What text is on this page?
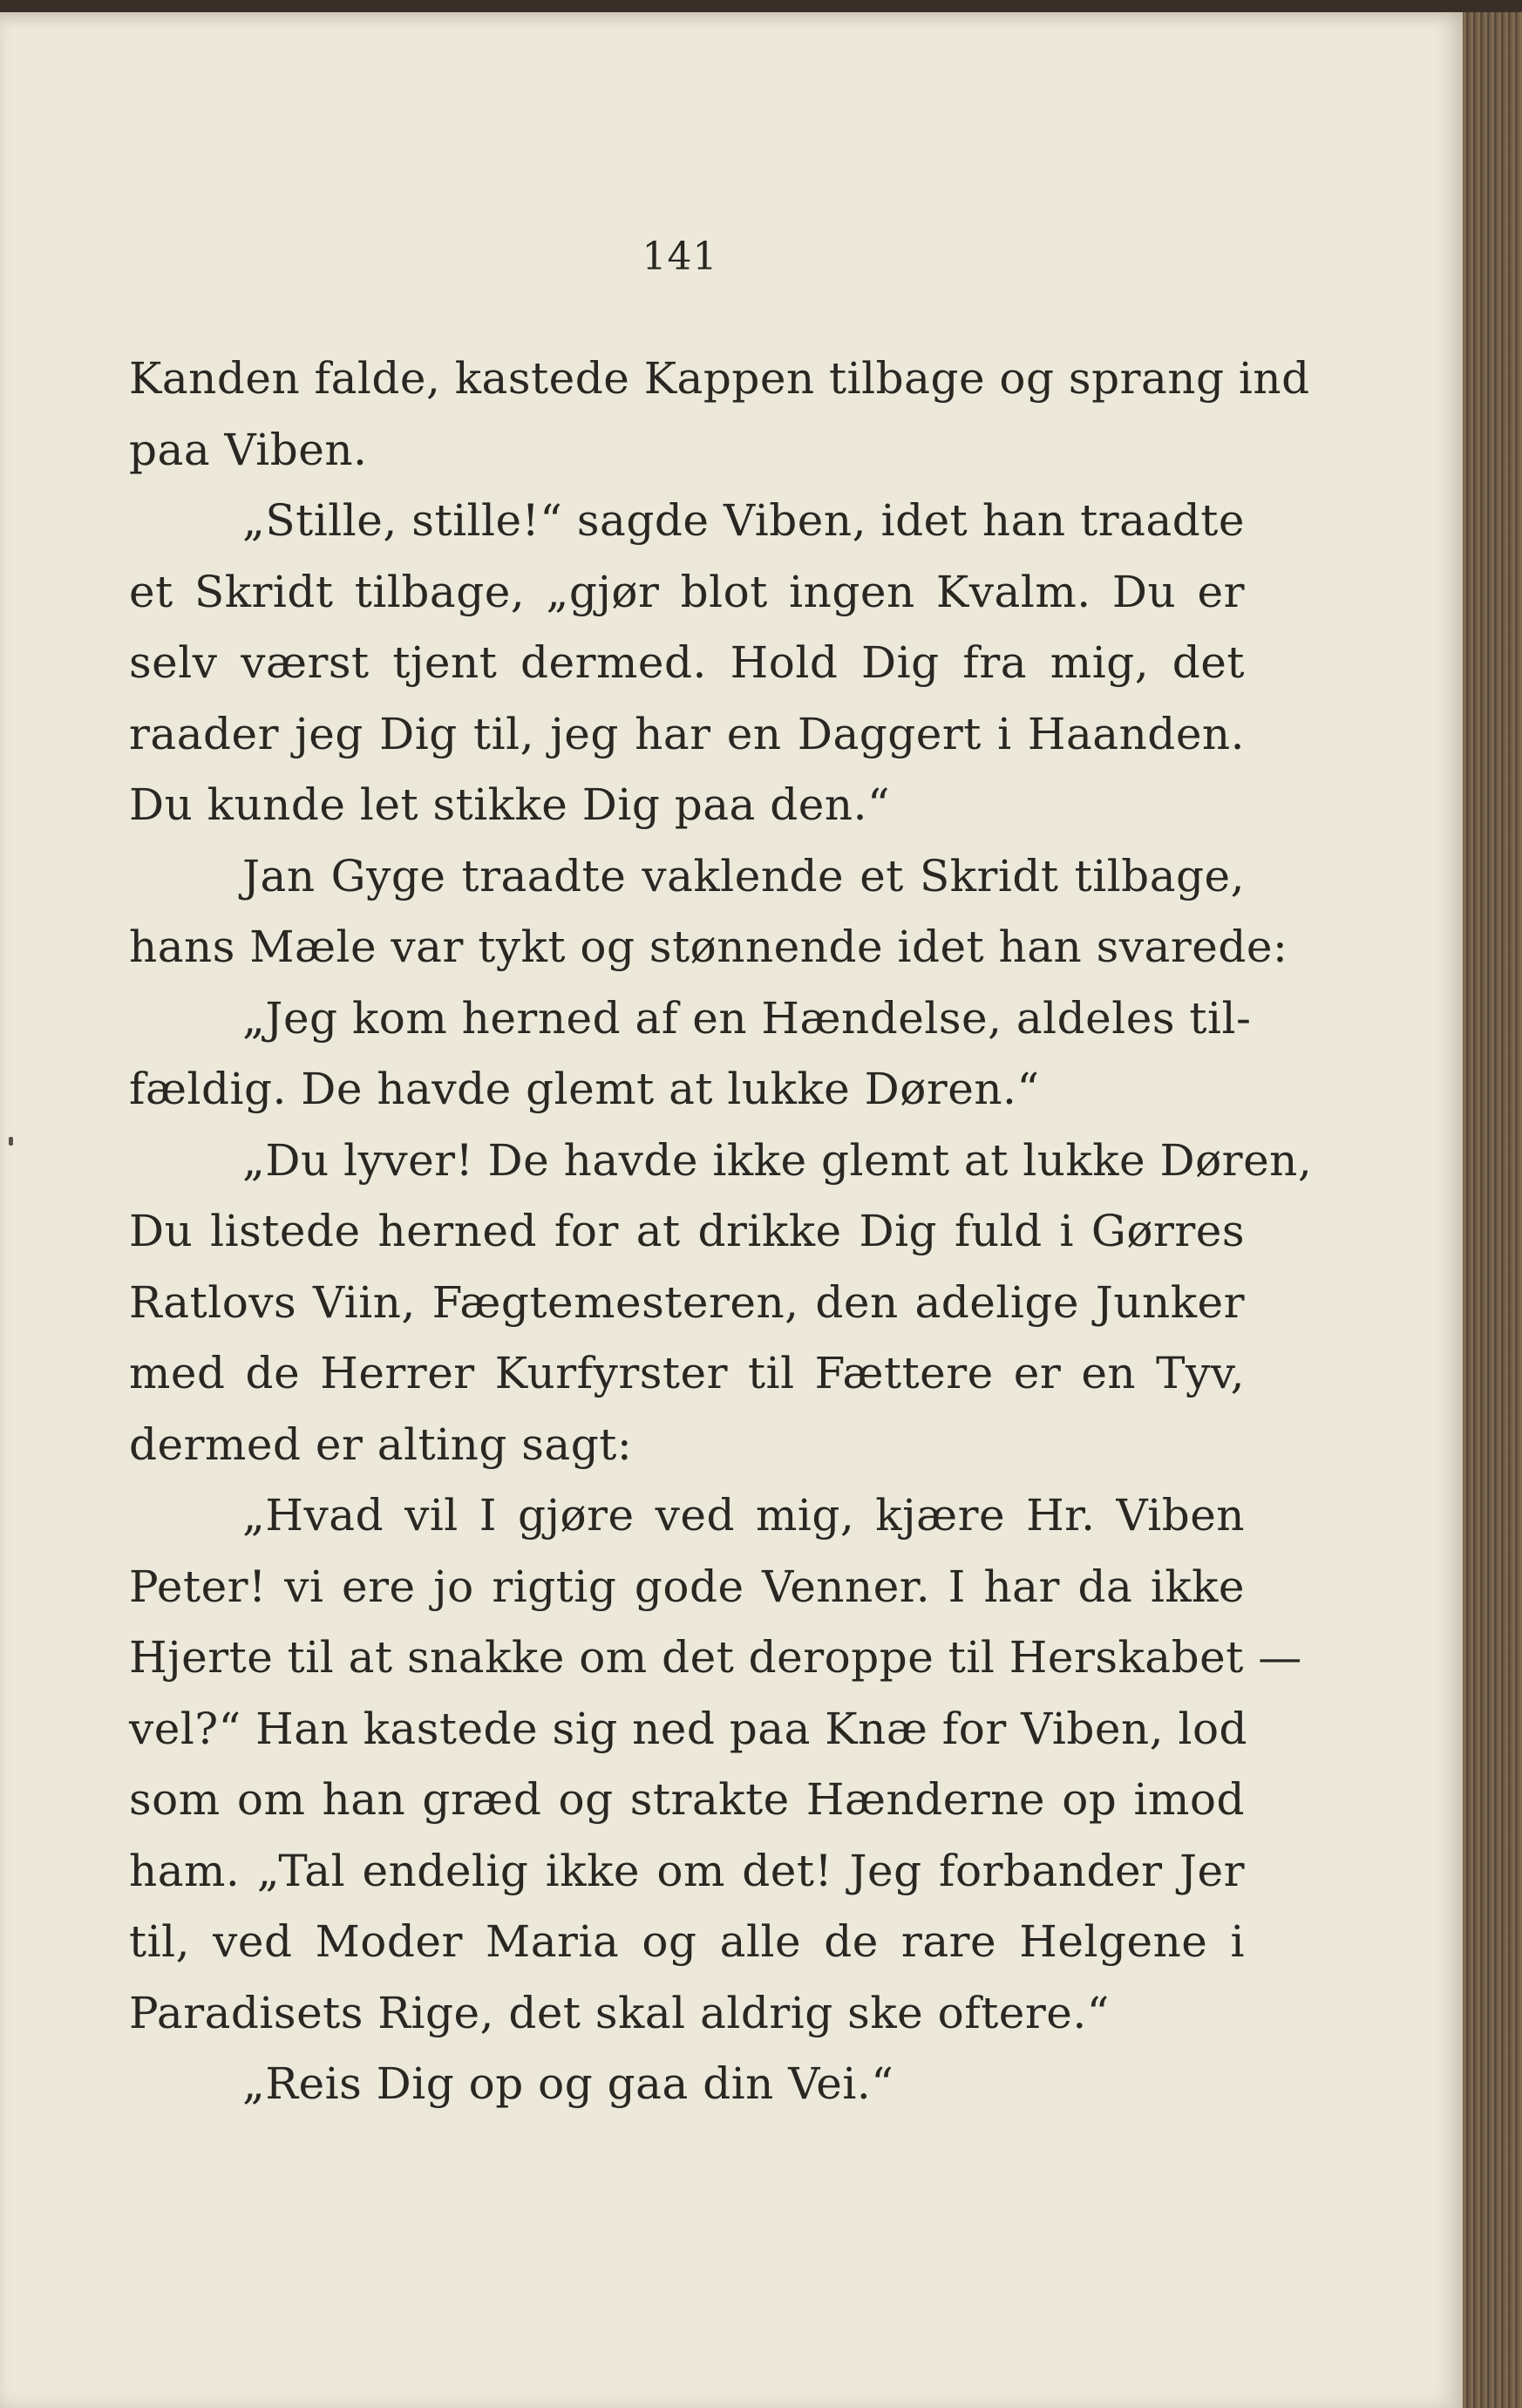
141
Kanden falde, kastede Kappen tilbage og sprang ind
paa Viben.
„Stille, stille!“ sagde Viben, idet han traadte
et Skridt tilbage, „gjør blot ingen Kvalm. Du er
selv værst tjent dermed. Hold Dig fra mig, det
raader jeg Dig til, jeg har en Daggert i Haanden.
Du kunde let stikke Dig paa den.“
Jan Gyge traadte vaklende et Skridt tilbage,
hans Mæle var tykt og stønnende idet han svarede:
„Jeg kom herned af en Hændelse, aldeles til-
fældig. De havde glemt at lukke Døren.“
„Du lyver! De havde ikke glemt at lukke Døren,
Du listede herned for at drikke Dig fuld i Gørres
Ratlovs Viin, Fægtemesteren, den adelige Junker
med de Herrer Kurfyrster til Fættere er en Tyv,
dermed er alting sagt:
„Hvad vil I gjøre ved mig, kjære Hr. Viben
Peter! vi ere jo rigtig gode Venner. I har da ikke
Hjerte til at snakke om det deroppe til Herskabet —
vel?“ Han kastede sig ned paa Knæ for Viben, lod
som om han græd og strakte Hænderne op imod
ham. „Tal endelig ikke om det! Jeg forbander Jer
til, ved Moder Maria og alle de rare Helgene i
Paradisets Rige, det skal aldrig ske oftere.“
„Reis Dig op og gaa din Vei.“
